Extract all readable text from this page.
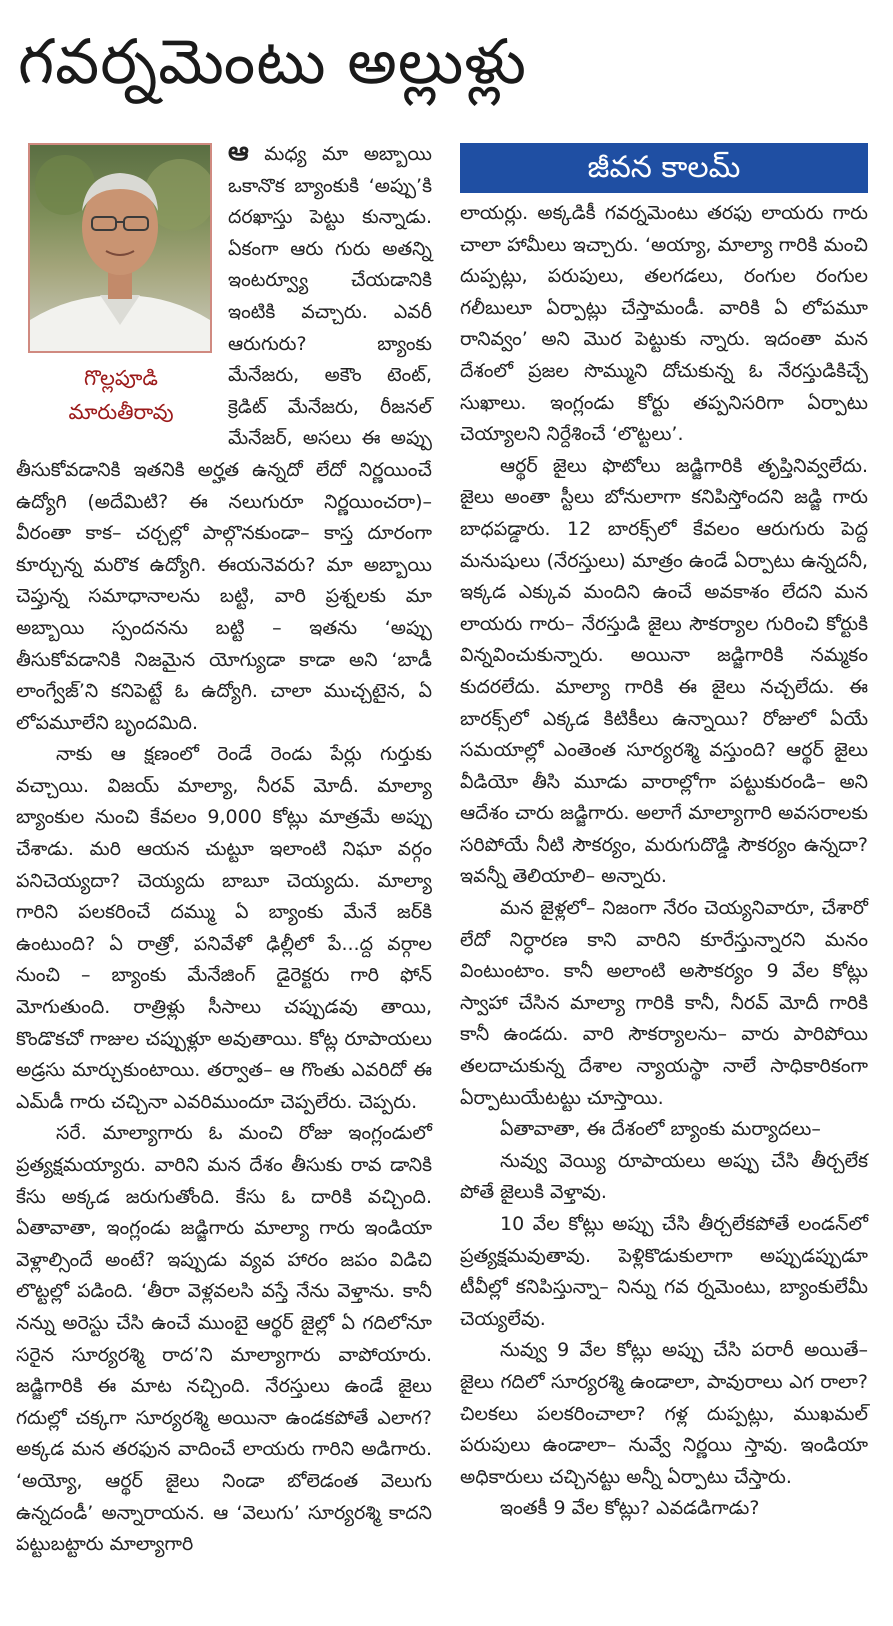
గవర్నమెంటు అల్లుళ్లు
గొల్లపూడి
మారుతీరావు

ఆ మధ్య మా అబ్బాయి ఒకానొక బ్యాంకుకి ‘అప్పు’కి దరఖాస్తు పెట్టు కున్నాడు. ఏకంగా ఆరు గురు అతన్ని ఇంటర్వ్యూ చేయడానికి ఇంటికి వచ్చారు. ఎవరీ ఆరుగురు? బ్యాంకు మేనేజరు, అకౌం టెంట్‌, క్రెడిట్‌ మేనేజరు, రీజనల్‌ మేనేజర్‌, అసలు ఈ అప్పు తీసుకోవడానికి ఇతనికి అర్హత ఉన్నదో లేదో నిర్ణయించే ఉద్యోగి (అదేమిటి? ఈ నలుగురూ నిర్ణయించరా)– వీరంతా కాక– చర్చల్లో పాల్గొనకుండా– కాస్త దూరంగా కూర్చున్న మరొక ఉద్యోగి. ఈయనెవరు? మా అబ్బాయి చెప్తున్న సమాధానాలను బట్టి, వారి ప్రశ్నలకు మా అబ్బాయి స్పందనను బట్టి – ఇతను ‘అప్పు తీసుకోవడానికి నిజమైన యోగ్యుడా కాడా అని ‘బాడీ లాంగ్వేజ్‌’ని కనిపెట్టే ఓ ఉద్యోగి. చాలా ముచ్చటైన, ఏ లోపమూలేని బృందమిది.

నాకు ఆ క్షణంలో రెండే రెండు పేర్లు గుర్తుకు వచ్చాయి. విజయ్‌ మాల్యా, నీరవ్‌ మోదీ. మాల్యా బ్యాంకుల నుంచి కేవలం 9,000 కోట్లు మాత్రమే అప్పు చేశాడు. మరి ఆయన చుట్టూ ఇలాంటి నిఘా వర్గం పనిచెయ్యదా? చెయ్యదు బాబూ చెయ్యదు. మాల్యా గారిని పలకరించే దమ్ము ఏ బ్యాంకు మేనే జర్‌కి ఉంటుంది? ఏ రాత్రో, పనివేళో ఢిల్లీలో పే...ద్ద వర్గాల నుంచి – బ్యాంకు మేనేజింగ్‌ డైరెక్టరు గారి ఫోన్‌ మోగుతుంది. రాత్రిళ్లు సీసాలు చప్పుడవు తాయి, కొండొకచో గాజుల చప్పుళ్లూ అవుతాయి. కోట్ల రూపాయలు అడ్రసు మార్చుకుంటాయి. తర్వాత– ఆ గొంతు ఎవరిదో ఈ ఎమ్‌డీ గారు చచ్చినా ఎవరిముందూ చెప్పలేరు. చెప్పరు.

సరే. మాల్యాగారు ఓ మంచి రోజు ఇంగ్లండులో ప్రత్యక్షమయ్యారు. వారిని మన దేశం తీసుకు రావ డానికి కేసు అక్కడ జరుగుతోంది. కేసు ఓ దారికి వచ్చింది. ఏతావాతా, ఇంగ్లండు జడ్జిగారు మాల్యా గారు ఇండియా వెళ్లాల్సిందే అంటే? ఇప్పుడు వ్యవ హారం జపం విడిచి లొట్టల్లో పడింది. ‘తీరా వెళ్లవలసి వస్తే నేను వెళ్తాను. కానీ నన్ను అరెస్టు చేసి ఉంచే ముంబై ఆర్థర్‌ జైల్లో ఏ గదిలోనూ సరైన సూర్యరశ్మి రాద’ని మాల్యాగారు వాపోయారు. జడ్జిగారికి ఈ మాట నచ్చింది. నేరస్తులు ఉండే జైలు గదుల్లో చక్కగా సూర్యరశ్మి అయినా ఉండకపోతే ఎలాగ? అక్కడ మన తరఫున వాదించే లాయరు గారిని అడిగారు. ‘అయ్యో, ఆర్థర్‌ జైలు నిండా బోలెడంత వెలుగు ఉన్నదండీ’ అన్నారాయన. ఆ ‘వెలుగు’ సూర్యరశ్మి కాదని పట్టుబట్టారు మాల్యాగారి

జీవన కాలమ్‌

లాయర్లు. అక్కడికీ గవర్నమెంటు తరఫు లాయరు గారు చాలా హామీలు ఇచ్చారు. ‘అయ్యా, మాల్యా గారికి మంచి దుప్పట్లు, పరుపులు, తలగడలు, రంగుల రంగుల గలీబులూ ఏర్పాట్లు చేస్తామండీ. వారికి ఏ లోపమూ రానివ్వం’ అని మొర పెట్టుకు న్నారు. ఇదంతా మన దేశంలో ప్రజల సొమ్ముని దోచుకున్న ఓ నేరస్తుడికిచ్చే సుఖాలు. ఇంగ్లండు కోర్టు తప్పనిసరిగా ఏర్పాటు చెయ్యాలని నిర్దేశించే ‘లొట్టలు’.

ఆర్థర్‌ జైలు ఫొటోలు జడ్జిగారికి తృప్తినివ్వలేదు. జైలు అంతా స్టీలు బోనులాగా కనిపిస్తోందని జడ్జి గారు బాధపడ్డారు. 12 బారక్స్‌లో కేవలం ఆరుగురు పెద్ద మనుషులు (నేరస్తులు) మాత్రం ఉండే ఏర్పాటు ఉన్నదనీ, ఇక్కడ ఎక్కువ మందిని ఉంచే అవకాశం లేదని మన లాయరు గారు– నేరస్తుడి జైలు సౌకర్యాల గురించి కోర్టుకి విన్నవించుకున్నారు. అయినా జడ్జిగారికి నమ్మకం కుదరలేదు. మాల్యా గారికి ఈ జైలు నచ్చలేదు. ఈ బారక్స్‌లో ఎక్కడ కిటికీలు ఉన్నాయి? రోజులో ఏయే సమయాల్లో ఎంతెంత సూర్యరశ్మి వస్తుంది? ఆర్థర్‌ జైలు వీడియో తీసి మూడు వారాల్లోగా పట్టుకురండి– అని ఆదేశం చారు జడ్జిగారు. అలాగే మాల్యాగారి అవసరాలకు సరిపోయే నీటి సౌకర్యం, మరుగుదొడ్డి సౌకర్యం ఉన్నదా? ఇవన్నీ తెలియాలి– అన్నారు.

మన జైళ్లలో– నిజంగా నేరం చెయ్యనివారూ, చేశారో లేదో నిర్ధారణ కాని వారిని కూరేస్తున్నారని మనం వింటుంటాం. కానీ అలాంటి అసౌకర్యం 9 వేల కోట్లు స్వాహా చేసిన మాల్యా గారికి కానీ, నీరవ్‌ మోదీ గారికి కానీ ఉండదు. వారి సౌకర్యాలను– వారు పారిపోయి తలదాచుకున్న దేశాల న్యాయస్థా నాలే సాధికారికంగా ఏర్పాటుయేటట్టు చూస్తాయి.

ఏతావాతా, ఈ దేశంలో బ్యాంకు మర్యాదలు–

నువ్వు వెయ్యి రూపాయలు అప్పు చేసి తీర్చలేక పోతే జైలుకి వెళ్తావు.

10 వేల కోట్లు అప్పు చేసి తీర్చలేకపోతే లండన్‌లో ప్రత్యక్షమవుతావు. పెళ్లికొడుకులాగా అప్పుడప్పుడూ టీవీల్లో కనిపిస్తున్నా– నిన్ను గవ ర్నమెంటు, బ్యాంకులేమీ చెయ్యలేవు.

నువ్వు 9 వేల కోట్లు అప్పు చేసి పరారీ అయితే– జైలు గదిలో సూర్యరశ్మి ఉండాలా, పావురాలు ఎగ రాలా? చిలకలు పలకరించాలా? గళ్ల దుప్పట్లు, ముఖమల్‌ పరుపులు ఉండాలా– నువ్వే నిర్ణయి స్తావు. ఇండియా అధికారులు చచ్చినట్టు అన్నీ ఏర్పాటు చేస్తారు.

ఇంతకీ 9 వేల కోట్లు? ఎవడడిగాడు?
